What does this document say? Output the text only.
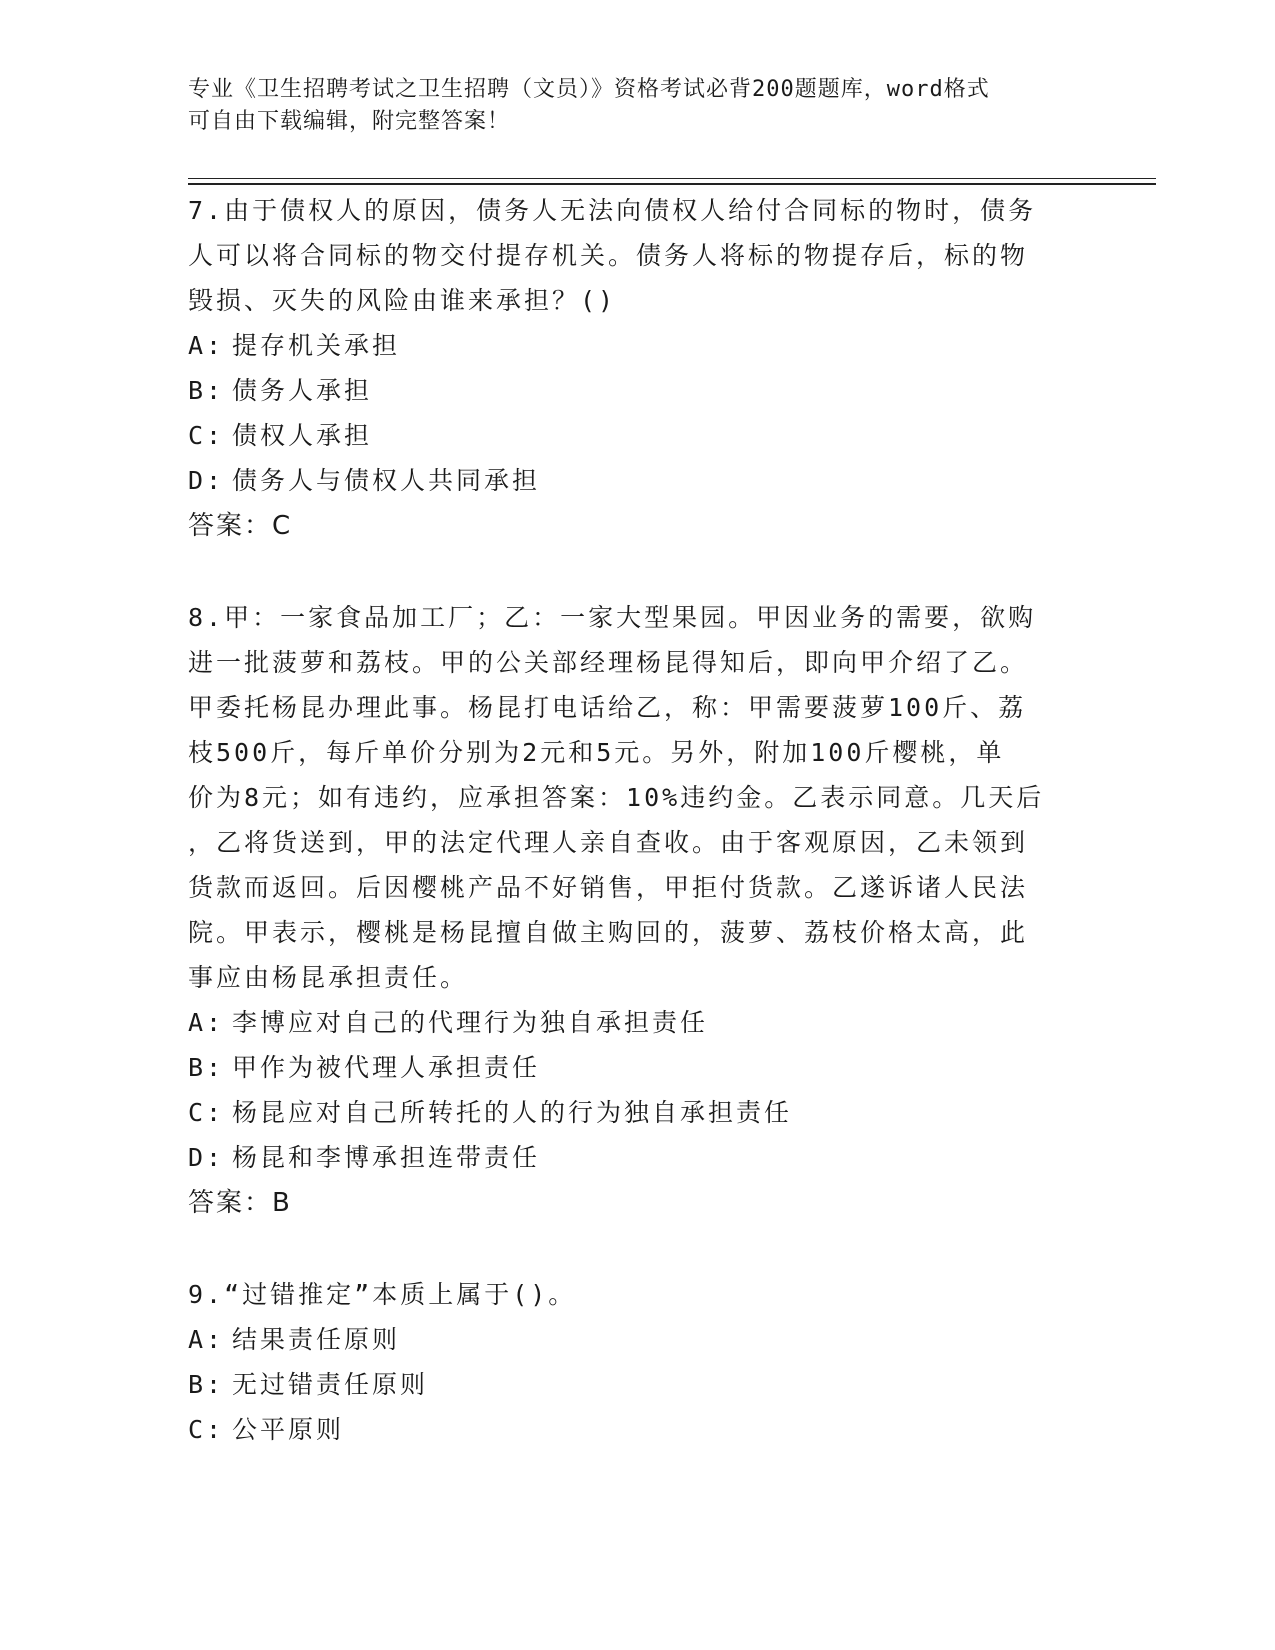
专业《卫生招聘考试之卫生招聘（文员）》资格考试必背200题题库，word格式
可自由下载编辑，附完整答案！

7.由于债权人的原因，债务人无法向债权人给付合同标的物时，债务

人可以将合同标的物交付提存机关。债务人将标的物提存后，标的物

毁损、灭失的风险由谁来承担？()

A: 提存机关承担
B: 债务人承担
C: 债权人承担
D: 债务人与债权人共同承担

答案：C

8.甲：一家食品加工厂；乙：一家大型果园。甲因业务的需要，欲购

进一批菠萝和荔枝。甲的公关部经理杨昆得知后，即向甲介绍了乙。

甲委托杨昆办理此事。杨昆打电话给乙，称：甲需要菠萝100斤、荔

枝500斤，每斤单价分别为2元和5元。另外，附加100斤樱桃，单

价为8元；如有违约，应承担答案：10%违约金。乙表示同意。几天后

，乙将货送到，甲的法定代理人亲自查收。由于客观原因，乙未领到

货款而返回。后因樱桃产品不好销售，甲拒付货款。乙遂诉诸人民法

院。甲表示，樱桃是杨昆擅自做主购回的，菠萝、荔枝价格太高，此

事应由杨昆承担责任。

A: 李博应对自己的代理行为独自承担责任
B: 甲作为被代理人承担责任
C: 杨昆应对自己所转托的人的行为独自承担责任
D: 杨昆和李博承担连带责任

答案：B

9.“过错推定”本质上属于()。

A: 结果责任原则
B: 无过错责任原则
C: 公平原则
